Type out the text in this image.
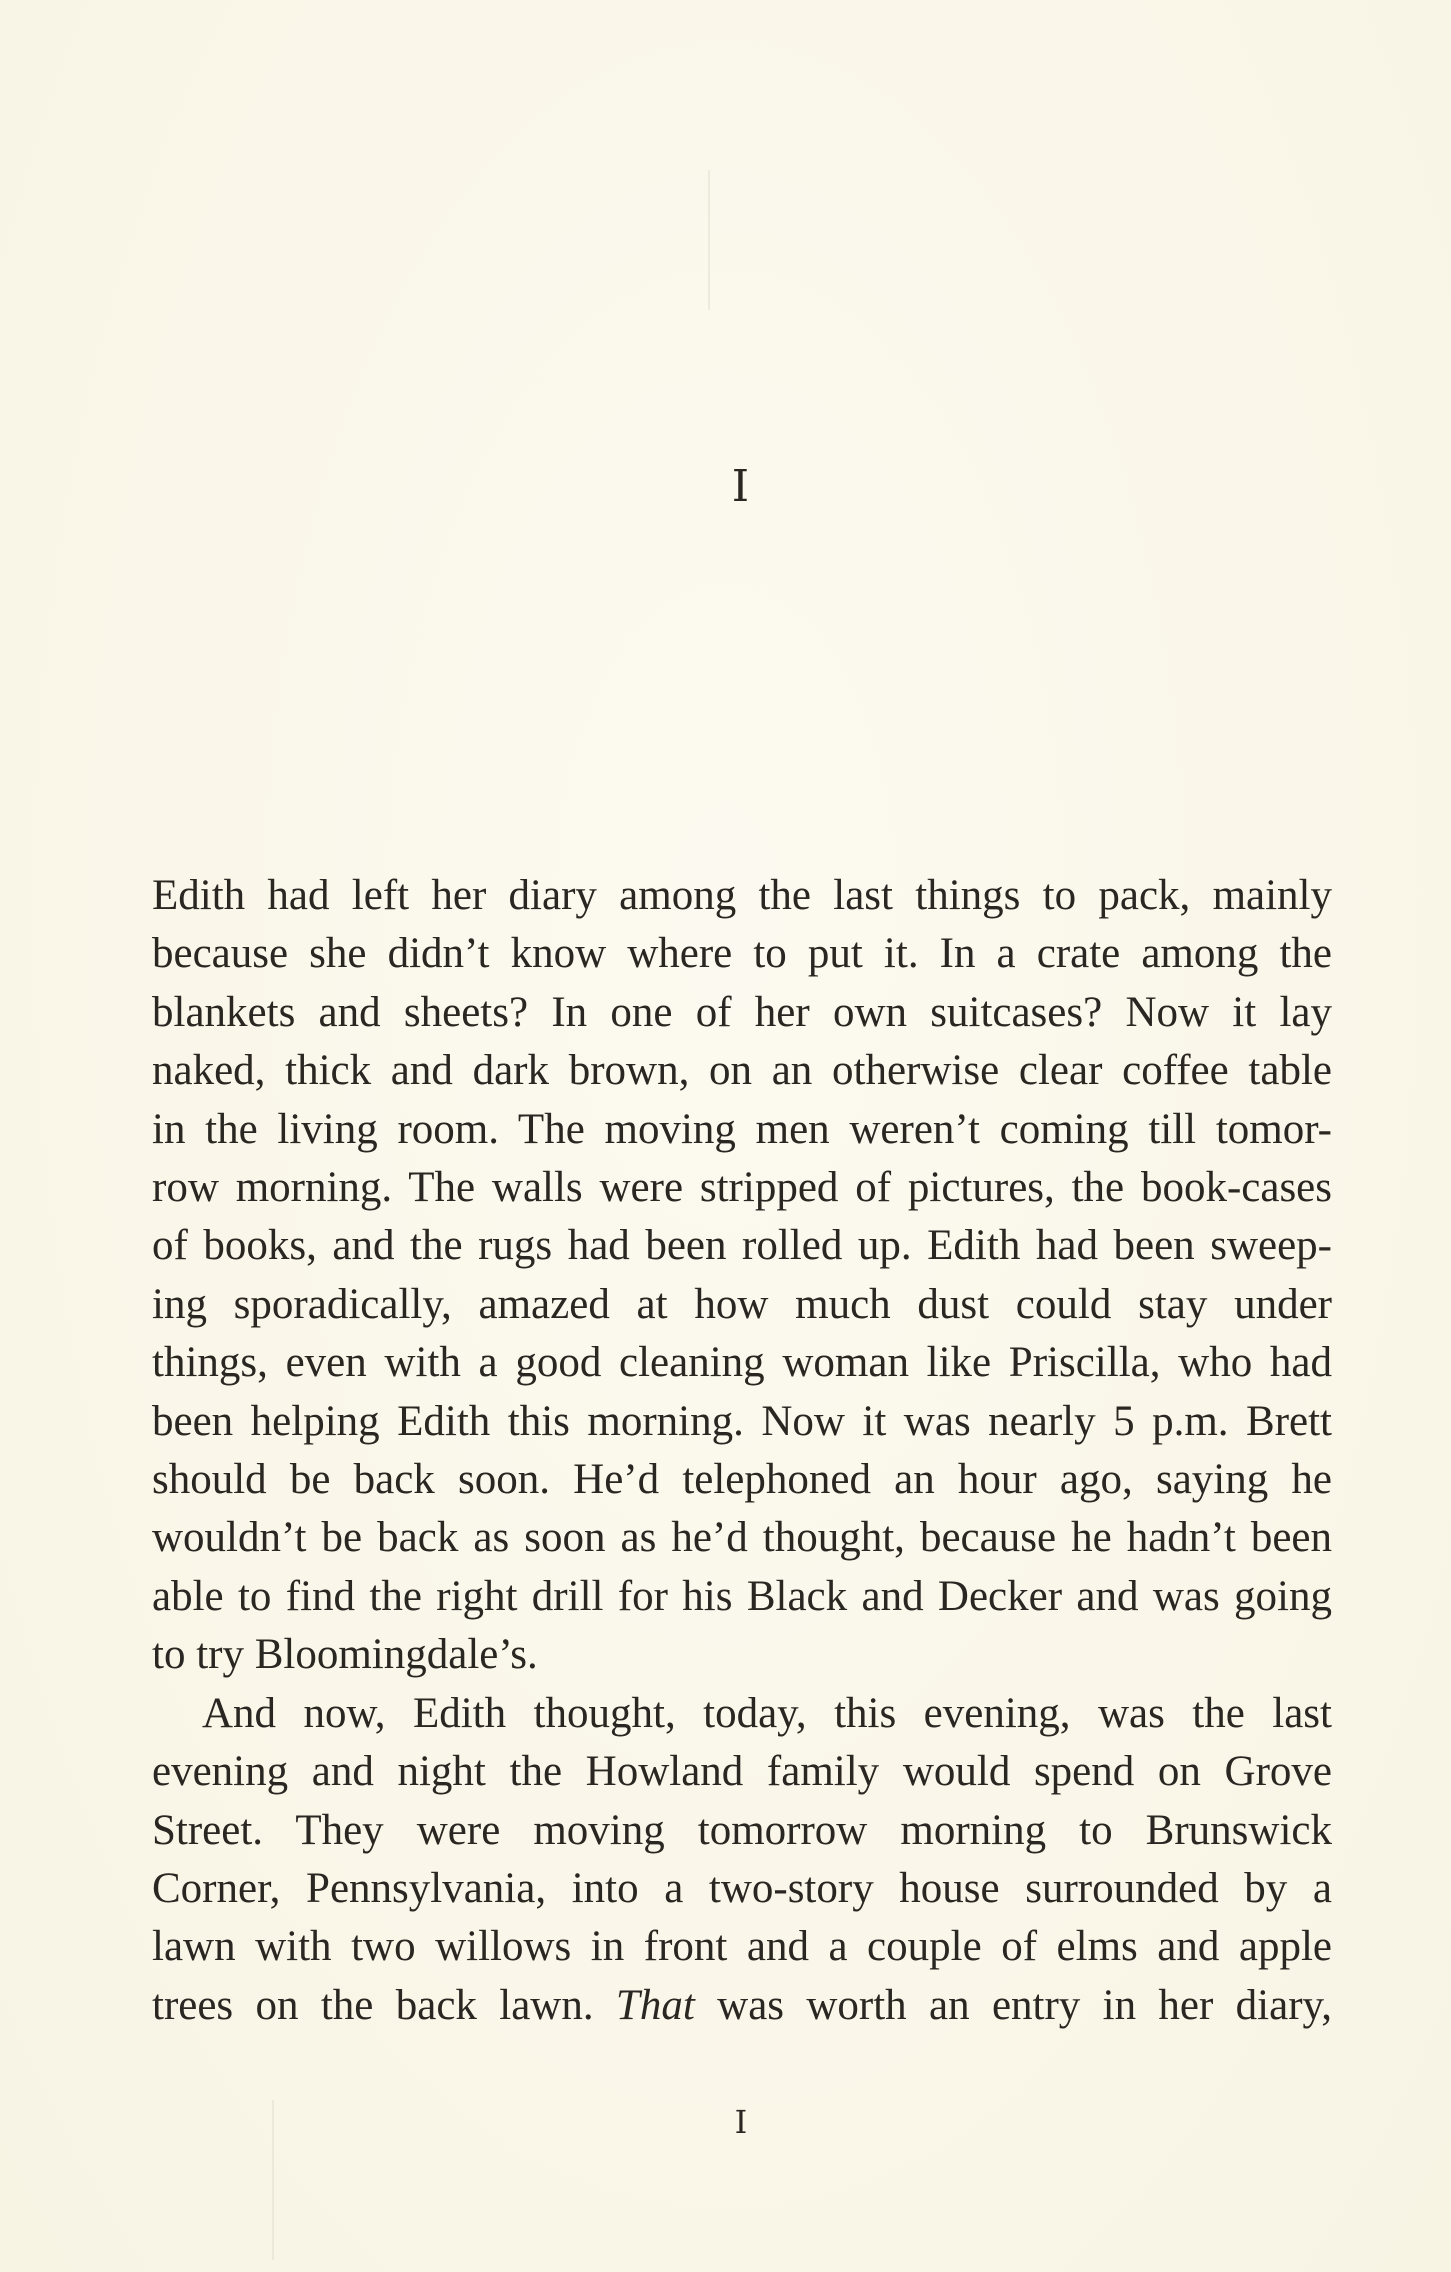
I
Edith had left her diary among the last things to pack, mainly
because she didn’t know where to put it. In a crate among the
blankets and sheets? In one of her own suitcases? Now it lay
naked, thick and dark brown, on an otherwise clear coffee table
in the living room. The moving men weren’t coming till tomor-
row morning. The walls were stripped of pictures, the book-cases
of books, and the rugs had been rolled up. Edith had been sweep-
ing sporadically, amazed at how much dust could stay under
things, even with a good cleaning woman like Priscilla, who had
been helping Edith this morning. Now it was nearly 5 p.m. Brett
should be back soon. He’d telephoned an hour ago, saying he
wouldn’t be back as soon as he’d thought, because he hadn’t been
able to find the right drill for his Black and Decker and was going
to try Bloomingdale’s.
And now, Edith thought, today, this evening, was the last
evening and night the Howland family would spend on Grove
Street. They were moving tomorrow morning to Brunswick
Corner, Pennsylvania, into a two-story house surrounded by a
lawn with two willows in front and a couple of elms and apple
trees on the back lawn. That was worth an entry in her diary,
I
